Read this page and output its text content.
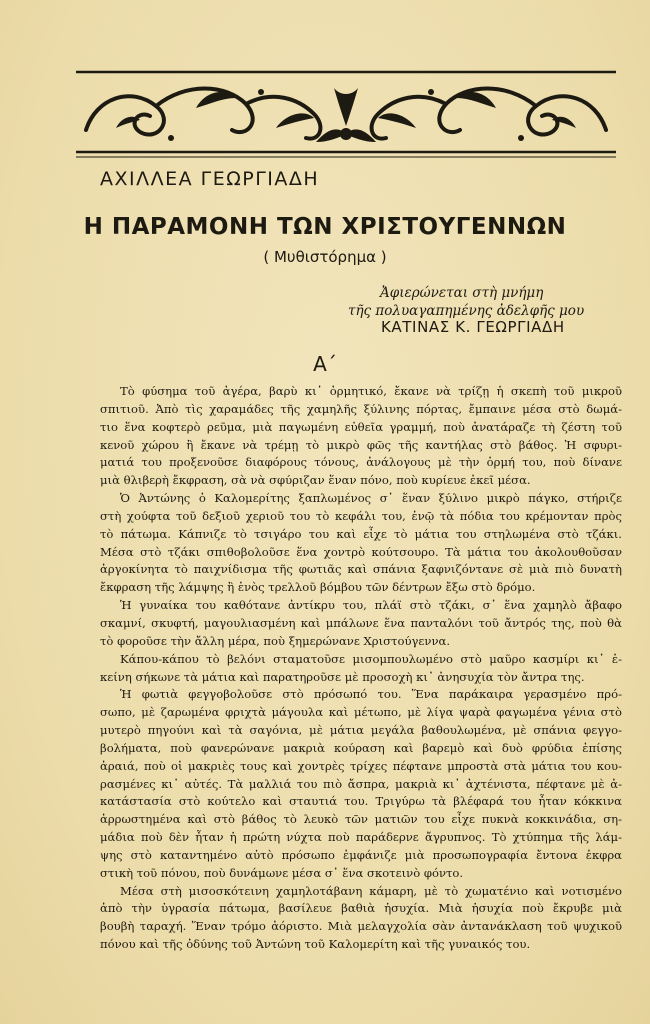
ΑΧΙΛΛΕΑ ΓΕΩΡΓΙΑΔΗ
Η ΠΑΡΑΜΟΝΗ ΤΩΝ ΧΡΙΣΤΟΥΓΕΝΝΩΝ
( Μυθιστόρημα )
Ἀφιερώνεται στὴ μνήμη
τῆς πολυαγαπημένης ἀδελφῆς μου
ΚΑΤΙΝΑΣ Κ. ΓΕΩΡΓΙΑΔΗ
Α΄
Τὸ φύσημα τοῦ ἀγέρα, βαρὺ κι᾿ ὁρμητικό, ἔκανε νὰ τρίζῃ ἡ σκεπὴ τοῦ μικροῦ
σπιτιοῦ. Ἀπὸ τὶς χαραμάδες τῆς χαμηλῆς ξύλινης πόρτας, ἔμπαινε μέσα στὸ δωμά-
τιο ἕνα κοφτερὸ ρεῦμα, μιὰ παγωμένη εὐθεῖα γραμμή, ποὺ ἀνατάραζε τὴ ζέστη τοῦ
κενοῦ χώρου ἢ ἔκανε νὰ τρέμῃ τὸ μικρὸ φῶς τῆς καντήλας στὸ βάθος. Ἡ σφυρι-
ματιά του προξενοῦσε διαφόρους τόνους, ἀνάλογους μὲ τὴν ὁρμή του, ποὺ δίνανε
μιὰ θλιβερὴ ἔκφραση, σὰ νὰ σφύριζαν ἕναν πόνο, ποὺ κυρίευε ἐκεῖ μέσα.
Ὁ Ἀντώνης ὁ Καλομερίτης ξαπλωμένος σ᾿ ἕναν ξύλινο μικρὸ πάγκο, στήριζε
στὴ χούφτα τοῦ δεξιοῦ χεριοῦ του τὸ κεφάλι του, ἐνῷ τὰ πόδια του κρέμονταν πρὸς
τὸ πάτωμα. Κάπνιζε τὸ τσιγάρο του καὶ εἶχε τὸ μάτια του στηλωμένα στὸ τζάκι.
Μέσα στὸ τζάκι σπιθοβολοῦσε ἕνα χοντρὸ κούτσουρο. Τὰ μάτια του ἀκολουθοῦσαν
ἀργοκίνητα τὸ παιχνίδισμα τῆς φωτιᾶς καὶ σπάνια ξαφνιζόντανε σὲ μιὰ πιὸ δυνατὴ
ἔκφραση τῆς λάμψης ἢ ἑνὸς τρελλοῦ βόμβου τῶν δέντρων ἔξω στὸ δρόμο.
Ἡ γυναίκα του καθότανε ἀντίκρυ του, πλάϊ στὸ τζάκι, σ᾿ ἕνα χαμηλὸ ἄβαφο
σκαμνί, σκυφτή, μαγουλιασμένη καὶ μπάλωνε ἕνα πανταλόνι τοῦ ἄντρός της, ποὺ θὰ
τὸ φοροῦσε τὴν ἄλλη μέρα, ποὺ ξημερώνανε Χριστούγεννα.
Κάπου-κάπου τὸ βελόνι σταματοῦσε μισομπουλωμένο στὸ μαῦρο κασμίρι κι᾿ ἐ-
κείνη σήκωνε τὰ μάτια καὶ παρατηροῦσε μὲ προσοχὴ κι᾿ ἀνησυχία τὸν ἄντρα της.
Ἡ φωτιὰ φεγγοβολοῦσε στὸ πρόσωπό του. Ἕνα παράκαιρα γερασμένο πρό-
σωπο, μὲ ζαρωμένα φριχτὰ μάγουλα καὶ μέτωπο, μὲ λίγα ψαρὰ φαγωμένα γένια στὸ
μυτερὸ πηγούνι καὶ τὰ σαγόνια, μὲ μάτια μεγάλα βαθουλωμένα, μὲ σπάνια φεγγο-
βολήματα, ποὺ φανερώνανε μακριὰ κούραση καὶ βαρεμὸ καὶ δυὸ φρύδια ἐπίσης
ἀραιά, ποὺ οἱ μακριὲς τους καὶ χοντρὲς τρίχες πέφτανε μπροστὰ στὰ μάτια του κου-
ρασμένες κι᾿ αὐτές. Τὰ μαλλιά του πιὸ ἄσπρα, μακριὰ κι᾿ ἀχτένιστα, πέφτανε μὲ ἀ-
κατάστασία στὸ κούτελο καὶ σταυτιά του. Τριγύρω τὰ βλέφαρά του ἦταν κόκκινα
ἀρρωστημένα καὶ στὸ βάθος τὸ λευκὸ τῶν ματιῶν του εἶχε πυκνὰ κοκκινάδια, ση-
μάδια ποὺ δὲν ἦταν ἡ πρώτη νύχτα ποὺ παράδερνε ἄγρυπνος. Τὸ χτύπημα τῆς λάμ-
ψης στὸ καταντημένο αὐτὸ πρόσωπο ἐμφάνιζε μιὰ προσωπογραφία ἔντονα ἐκφρα
στικὴ τοῦ πόνου, ποὺ δυνάμωνε μέσα σ᾿ ἕνα σκοτεινὸ φόντο.
Μέσα στὴ μισοσκότεινη χαμηλοτάβανη κάμαρη, μὲ τὸ χωματένιο καὶ νοτισμένο
ἀπὸ τὴν ὑγρασία πάτωμα, βασίλευε βαθιὰ ἡσυχία. Μιὰ ἡσυχία ποὺ ἔκρυβε μιὰ
βουβὴ ταραχή. Ἕναν τρόμο ἀόριστο. Μιὰ μελαγχολία σὰν ἀντανάκλαση τοῦ ψυχικοῦ
πόνου καὶ τῆς ὀδύνης τοῦ Ἀντώνη τοῦ Καλομερίτη καὶ τῆς γυναικός του.
